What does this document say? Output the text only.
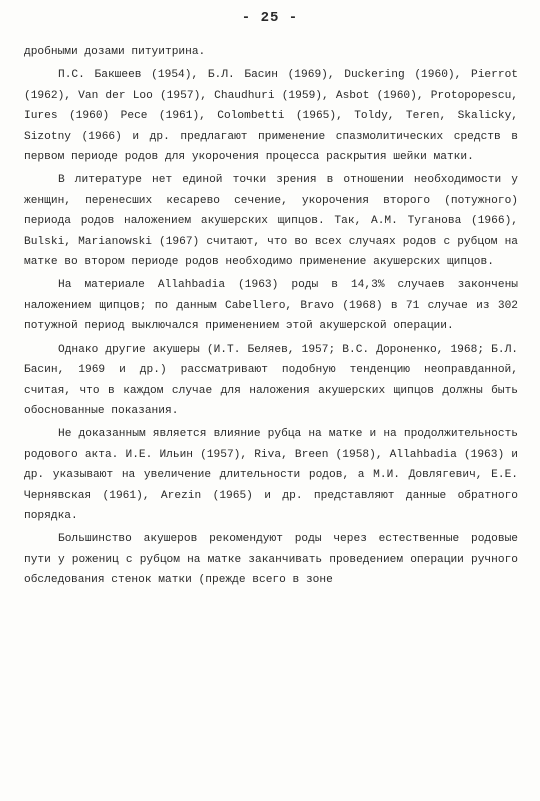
- 25 -

дробными дозами питуитрина.

П.С. Бакшеев (1954), Б.Л. Басин (1969), Duckering (1960), Pierrot (1962), Van der Loo (1957), Chaudhuri (1959), Asbot (1960), Protopopescu, Iures (1960) Pece (1961), Colombetti (1965), Toldy, Teren, Skalicky, Sizotny (1966) и др. предлагают применение спазмолитических средств в первом периоде родов для укорочения процесса раскрытия шейки матки.

В литературе нет единой точки зрения в отношении необходимости у женщин, перенесших кесарево сечение, укорочения второго (потужного) периода родов наложением акушерских щипцов. Так, А.М. Туганова (1966), Bulski, Marianowski (1967) считают, что во всех случаях родов с рубцом на матке во втором периоде родов необходимо применение акушерских щипцов.

На материале Allahbadia (1963) роды в 14,3% случаев закончены наложением щипцов; по данным Cabellero, Bravo (1968) в 71 случае из 302 потужной период выключался применением этой акушерской операции.

Однако другие акушеры (И.Т. Беляев, 1957; В.С. Дороненко, 1968; Б.Л. Басин, 1969 и др.) рассматривают подобную тенденцию неоправданной, считая, что в каждом случае для наложения акушерских щипцов должны быть обоснованные показания.

Не доказанным является влияние рубца на матке и на продолжительность родового акта. И.Е. Ильин (1957), Riva, Breen (1958), Allahbadia (1963) и др. указывают на увеличение длительности родов, а М.И. Довлягевич, Е.Е. Чернявская (1961), Arezin (1965) и др. представляют данные обратного порядка.

Большинство акушеров рекомендуют роды через естественные родовые пути у рожениц с рубцом на матке заканчивать проведением операции ручного обследования стенок матки (прежде всего в зоне
